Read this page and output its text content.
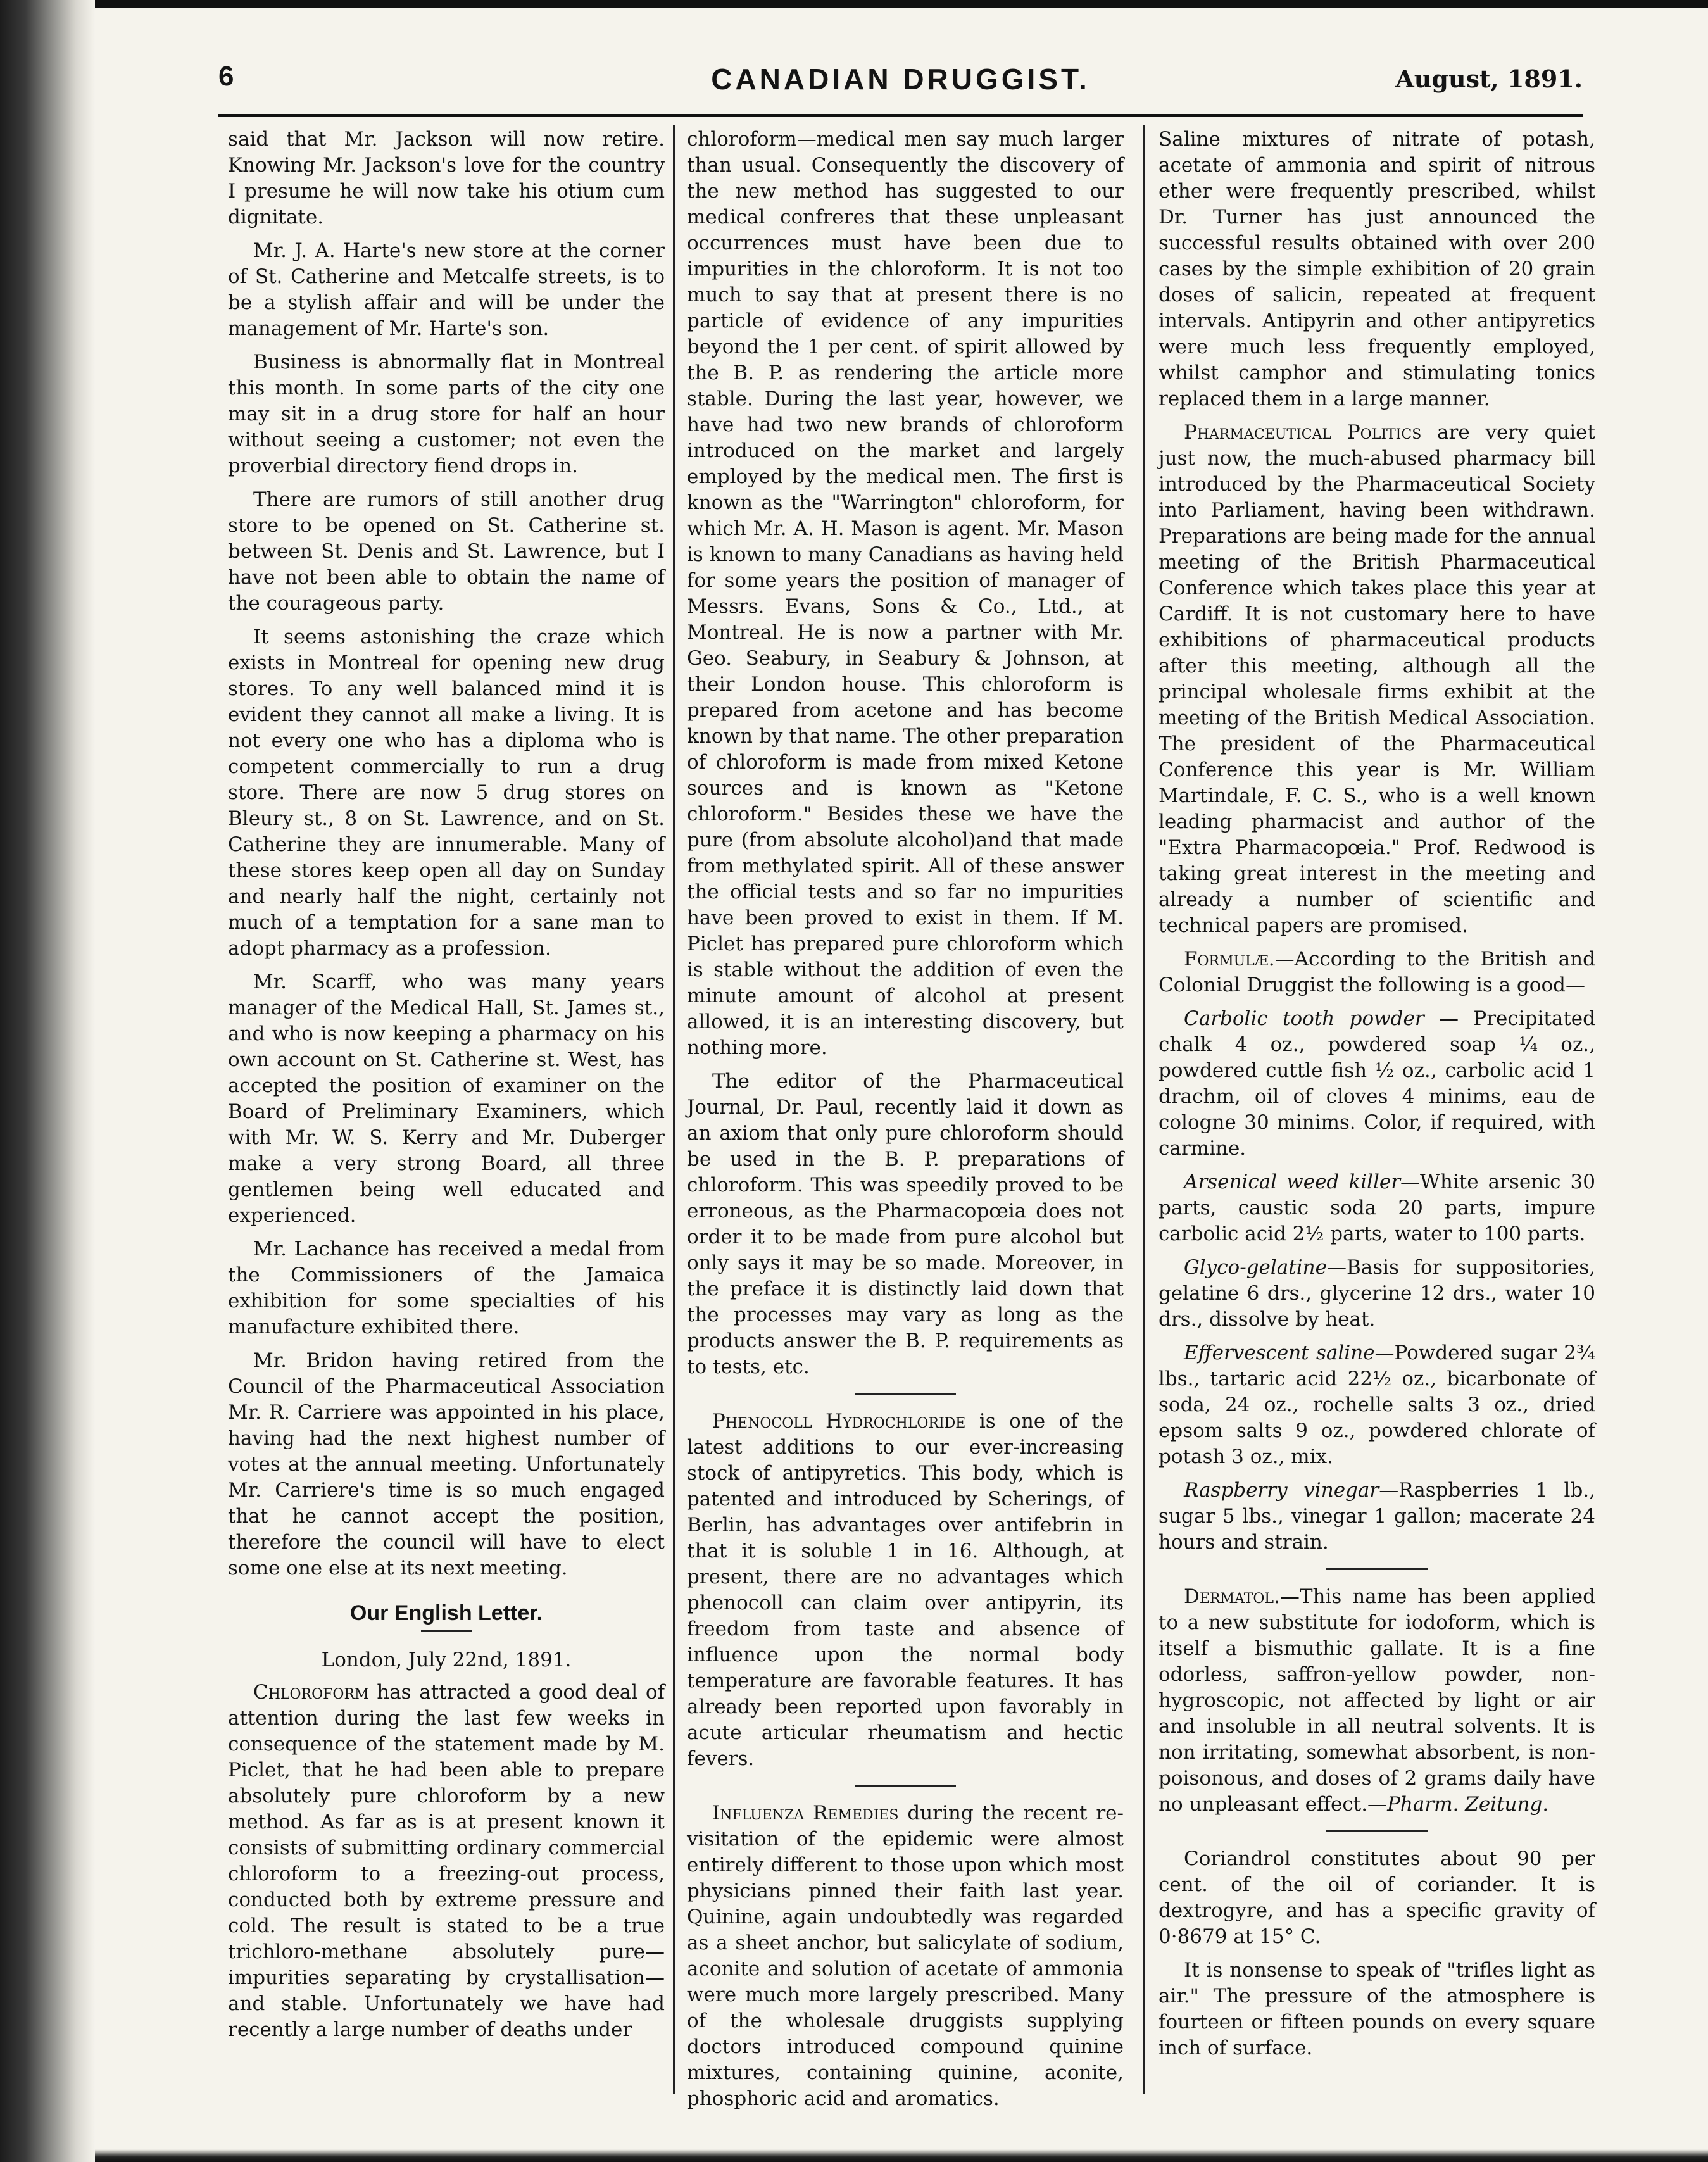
6	CANADIAN DRUGGIST.	August, 1891.

said that Mr. Jackson will now retire. Knowing Mr. Jackson's love for the country I presume he will now take his otium cum dignitate.

Mr. J. A. Harte's new store at the corner of St. Catherine and Metcalfe streets, is to be a stylish affair and will be under the management of Mr. Harte's son.

Business is abnormally flat in Montreal this month. In some parts of the city one may sit in a drug store for half an hour without seeing a customer; not even the proverbial directory fiend drops in.

There are rumors of still another drug store to be opened on St. Catherine st. between St. Denis and St. Lawrence, but I have not been able to obtain the name of the courageous party.

It seems astonishing the craze which exists in Montreal for opening new drug stores. To any well balanced mind it is evident they cannot all make a living. It is not every one who has a diploma who is competent commercially to run a drug store. There are now 5 drug stores on Bleury st., 8 on St. Lawrence, and on St. Catherine they are innumerable. Many of these stores keep open all day on Sunday and nearly half the night, certainly not much of a temptation for a sane man to adopt pharmacy as a profession.

Mr. Scarff, who was many years manager of the Medical Hall, St. James st., and who is now keeping a pharmacy on his own account on St. Catherine st. West, has accepted the position of examiner on the Board of Preliminary Examiners, which with Mr. W. S. Kerry and Mr. Duberger make a very strong Board, all three gentlemen being well educated and experienced.

Mr. Lachance has received a medal from the Commissioners of the Jamaica exhibition for some specialties of his manufacture exhibited there.

Mr. Bridon having retired from the Council of the Pharmaceutical Association Mr. R. Carriere was appointed in his place, having had the next highest number of votes at the annual meeting. Unfortunately Mr. Carriere's time is so much engaged that he cannot accept the position, therefore the council will have to elect some one else at its next meeting.

Our English Letter.
London, July 22nd, 1891.

Chloroform has attracted a good deal of attention during the last few weeks in consequence of the statement made by M. Piclet, that he had been able to prepare absolutely pure chloroform by a new method. As far as is at present known it consists of submitting ordinary commercial chloroform to a freezing-out process, conducted both by extreme pressure and cold. The result is stated to be a true trichloro-methane absolutely pure—impurities separating by crystallisation—and stable. Unfortunately we have had recently a large number of deaths under

chloroform—medical men say much larger than usual. Consequently the discovery of the new method has suggested to our medical confreres that these unpleasant occurrences must have been due to impurities in the chloroform. It is not too much to say that at present there is no particle of evidence of any impurities beyond the 1 per cent. of spirit allowed by the B. P. as rendering the article more stable. During the last year, however, we have had two new brands of chloroform introduced on the market and largely employed by the medical men. The first is known as the "Warrington" chloroform, for which Mr. A. H. Mason is agent. Mr. Mason is known to many Canadians as having held for some years the position of manager of Messrs. Evans, Sons & Co., Ltd., at Montreal. He is now a partner with Mr. Geo. Seabury, in Seabury & Johnson, at their London house. This chloroform is prepared from acetone and has become known by that name. The other preparation of chloroform is made from mixed Ketone sources and is known as "Ketone chloroform." Besides these we have the pure (from absolute alcohol)and that made from methylated spirit. All of these answer the official tests and so far no impurities have been proved to exist in them. If M. Piclet has prepared pure chloroform which is stable without the addition of even the minute amount of alcohol at present allowed, it is an interesting discovery, but nothing more.

The editor of the Pharmaceutical Journal, Dr. Paul, recently laid it down as an axiom that only pure chloroform should be used in the B. P. preparations of chloroform. This was speedily proved to be erroneous, as the Pharmacopœia does not order it to be made from pure alcohol but only says it may be so made. Moreover, in the preface it is distinctly laid down that the processes may vary as long as the products answer the B. P. requirements as to tests, etc.

Phenocoll Hydrochloride is one of the latest additions to our ever-increasing stock of antipyretics. This body, which is patented and introduced by Scherings, of Berlin, has advantages over antifebrin in that it is soluble 1 in 16. Although, at present, there are no advantages which phenocoll can claim over antipyrin, its freedom from taste and absence of influence upon the normal body temperature are favorable features. It has already been reported upon favorably in acute articular rheumatism and hectic fevers.

Influenza Remedies during the recent re-visitation of the epidemic were almost entirely different to those upon which most physicians pinned their faith last year. Quinine, again undoubtedly was regarded as a sheet anchor, but salicylate of sodium, aconite and solution of acetate of ammonia were much more largely prescribed. Many of the wholesale druggists supplying doctors introduced compound quinine mixtures, containing quinine, aconite, phosphoric acid and aromatics.

Saline mixtures of nitrate of potash, acetate of ammonia and spirit of nitrous ether were frequently prescribed, whilst Dr. Turner has just announced the successful results obtained with over 200 cases by the simple exhibition of 20 grain doses of salicin, repeated at frequent intervals. Antipyrin and other antipyretics were much less frequently employed, whilst camphor and stimulating tonics replaced them in a large manner.

Pharmaceutical Politics are very quiet just now, the much-abused pharmacy bill introduced by the Pharmaceutical Society into Parliament, having been withdrawn. Preparations are being made for the annual meeting of the British Pharmaceutical Conference which takes place this year at Cardiff. It is not customary here to have exhibitions of pharmaceutical products after this meeting, although all the principal wholesale firms exhibit at the meeting of the British Medical Association. The president of the Pharmaceutical Conference this year is Mr. William Martindale, F. C. S., who is a well known leading pharmacist and author of the "Extra Pharmacopœia." Prof. Redwood is taking great interest in the meeting and already a number of scientific and technical papers are promised.

Formulæ.—According to the British and Colonial Druggist the following is a good—

Carbolic tooth powder — Precipitated chalk 4 oz., powdered soap ¼ oz., powdered cuttle fish ½ oz., carbolic acid 1 drachm, oil of cloves 4 minims, eau de cologne 30 minims. Color, if required, with carmine.

Arsenical weed killer—White arsenic 30 parts, caustic soda 20 parts, impure carbolic acid 2½ parts, water to 100 parts.

Glyco-gelatine—Basis for suppositories, gelatine 6 drs., glycerine 12 drs., water 10 drs., dissolve by heat.

Effervescent saline—Powdered sugar 2¾ lbs., tartaric acid 22½ oz., bicarbonate of soda, 24 oz., rochelle salts 3 oz., dried epsom salts 9 oz., powdered chlorate of potash 3 oz., mix.

Raspberry vinegar—Raspberries 1 lb., sugar 5 lbs., vinegar 1 gallon; macerate 24 hours and strain.

Dermatol.—This name has been applied to a new substitute for iodoform, which is itself a bismuthic gallate. It is a fine odorless, saffron-yellow powder, non-hygroscopic, not affected by light or air and insoluble in all neutral solvents. It is non irritating, somewhat absorbent, is non-poisonous, and doses of 2 grams daily have no unpleasant effect.—Pharm. Zeitung.

Coriandrol constitutes about 90 per cent. of the oil of coriander. It is dextrogyre, and has a specific gravity of 0·8679 at 15° C.

It is nonsense to speak of "trifles light as air." The pressure of the atmosphere is fourteen or fifteen pounds on every square inch of surface.
